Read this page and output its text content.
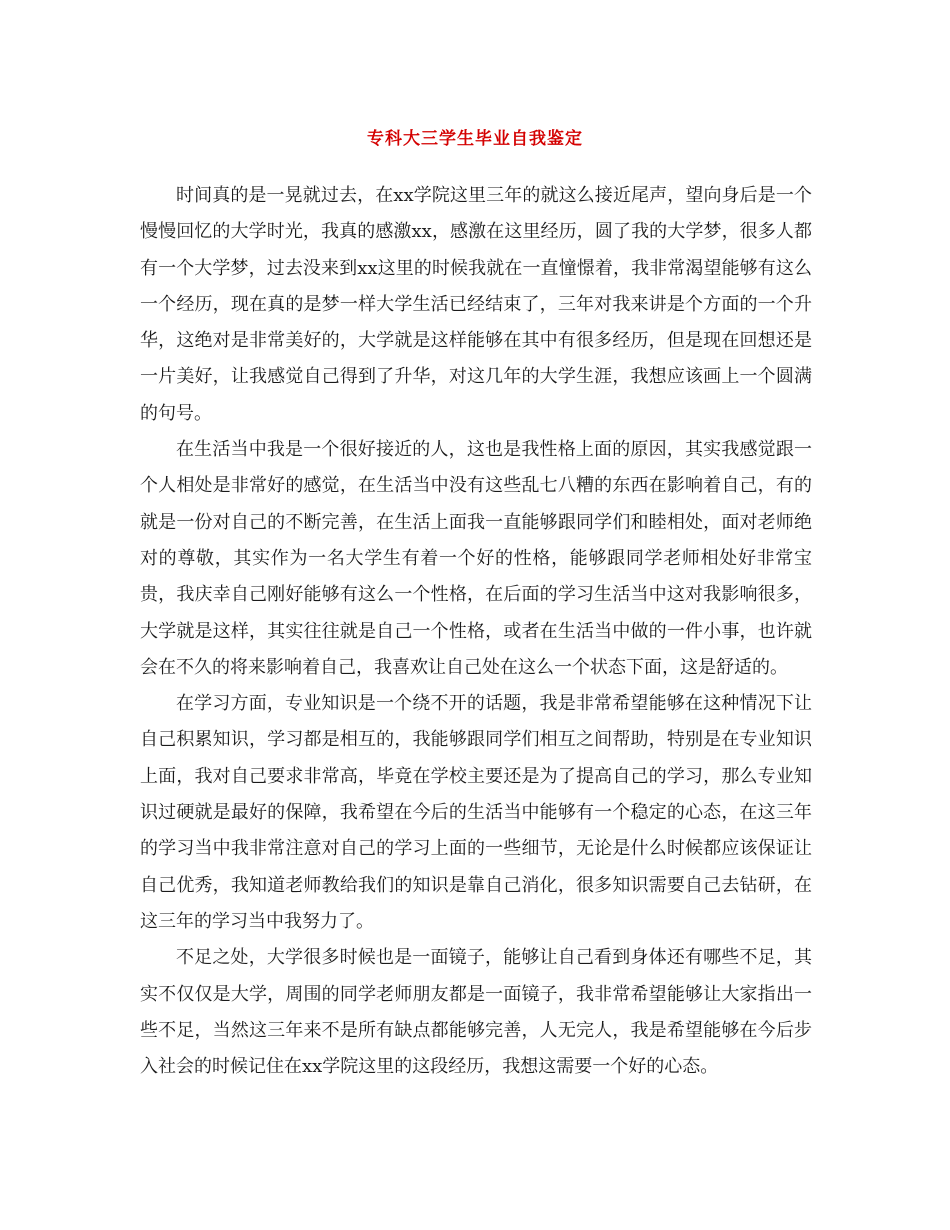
专科大三学生毕业自我鉴定

时间真的是一晃就过去，在xx学院这里三年的就这么接近尾声，望向身后是一个慢慢回忆的大学时光，我真的感激xx，感激在这里经历，圆了我的大学梦，很多人都有一个大学梦，过去没来到xx这里的时候我就在一直憧憬着，我非常渴望能够有这么一个经历，现在真的是梦一样大学生活已经结束了，三年对我来讲是个方面的一个升华，这绝对是非常美好的，大学就是这样能够在其中有很多经历，但是现在回想还是一片美好，让我感觉自己得到了升华，对这几年的大学生涯，我想应该画上一个圆满的句号。

在生活当中我是一个很好接近的人，这也是我性格上面的原因，其实我感觉跟一个人相处是非常好的感觉，在生活当中没有这些乱七八糟的东西在影响着自己，有的就是一份对自己的不断完善，在生活上面我一直能够跟同学们和睦相处，面对老师绝对的尊敬，其实作为一名大学生有着一个好的性格，能够跟同学老师相处好非常宝贵，我庆幸自己刚好能够有这么一个性格，在后面的学习生活当中这对我影响很多，大学就是这样，其实往往就是自己一个性格，或者在生活当中做的一件小事，也许就会在不久的将来影响着自己，我喜欢让自己处在这么一个状态下面，这是舒适的。

在学习方面，专业知识是一个绕不开的话题，我是非常希望能够在这种情况下让自己积累知识，学习都是相互的，我能够跟同学们相互之间帮助，特别是在专业知识上面，我对自己要求非常高，毕竟在学校主要还是为了提高自己的学习，那么专业知识过硬就是最好的保障，我希望在今后的生活当中能够有一个稳定的心态，在这三年的学习当中我非常注意对自己的学习上面的一些细节，无论是什么时候都应该保证让自己优秀，我知道老师教给我们的知识是靠自己消化，很多知识需要自己去钻研，在这三年的学习当中我努力了。

不足之处，大学很多时候也是一面镜子，能够让自己看到身体还有哪些不足，其实不仅仅是大学，周围的同学老师朋友都是一面镜子，我非常希望能够让大家指出一些不足，当然这三年来不是所有缺点都能够完善，人无完人，我是希望能够在今后步入社会的时候记住在xx学院这里的这段经历，我想这需要一个好的心态。
